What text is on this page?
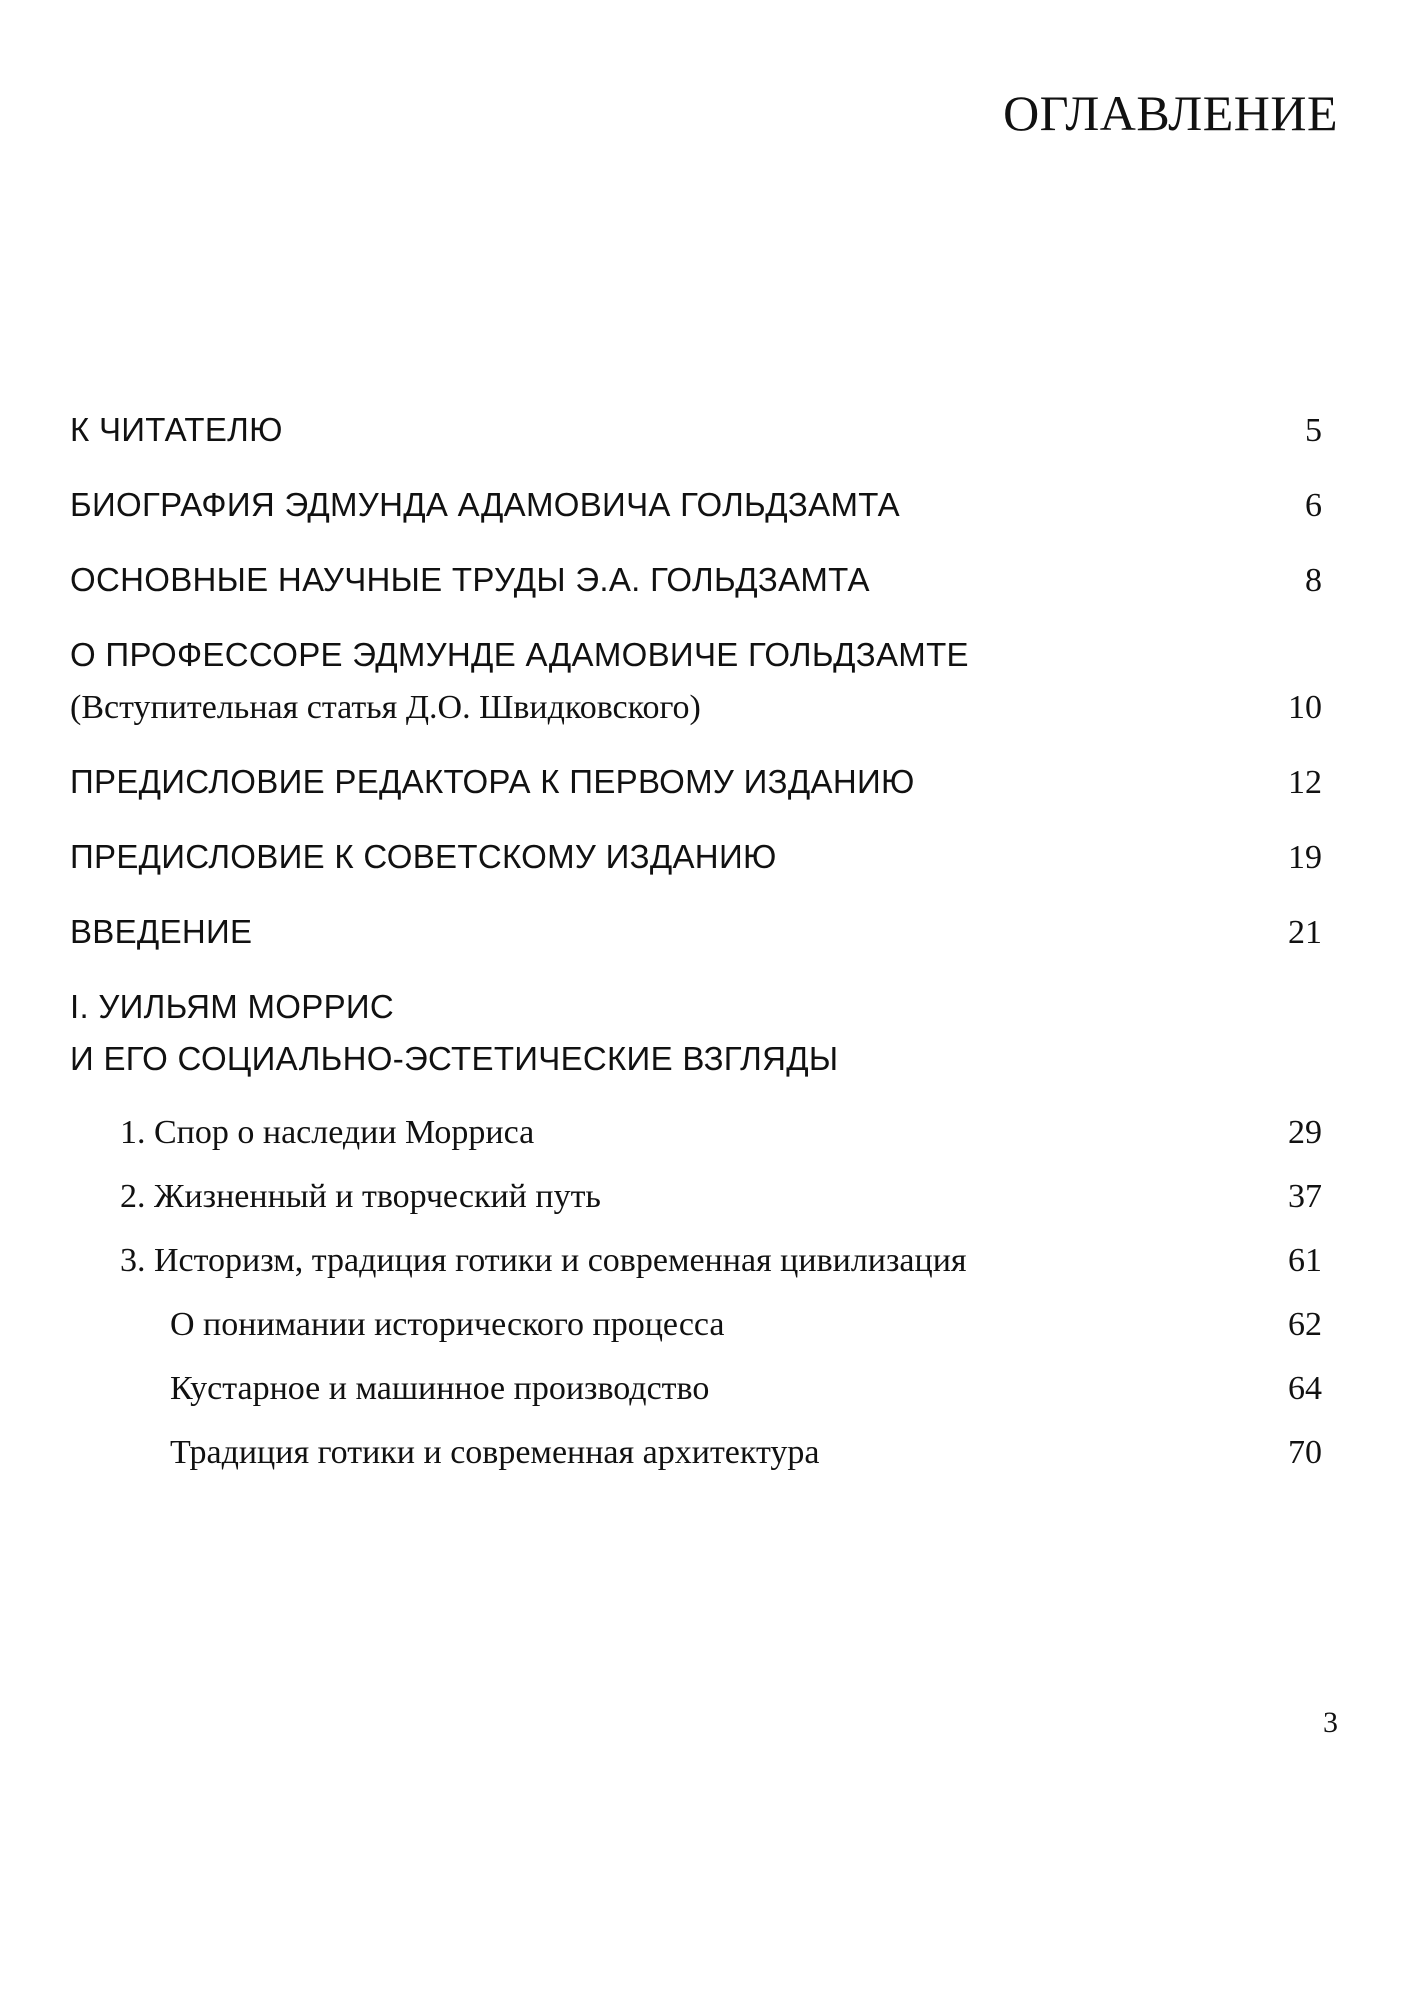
ОГЛАВЛЕНИЕ
К ЧИТАТЕЛЮ	5
БИОГРАФИЯ ЭДМУНДА АДАМОВИЧА ГОЛЬДЗАМТА	6
ОСНОВНЫЕ НАУЧНЫЕ ТРУДЫ Э.А. ГОЛЬДЗАМТА	8
О ПРОФЕССОРЕ ЭДМУНДЕ АДАМОВИЧЕ ГОЛЬДЗАМТЕ
(Вступительная статья Д.О. Швидковского)	10
ПРЕДИСЛОВИЕ РЕДАКТОРА К ПЕРВОМУ ИЗДАНИЮ	12
ПРЕДИСЛОВИЕ К СОВЕТСКОМУ ИЗДАНИЮ	19
ВВЕДЕНИЕ	21
I. УИЛЬЯМ МОРРИС
И ЕГО СОЦИАЛЬНО-ЭСТЕТИЧЕСКИЕ ВЗГЛЯДЫ
1. Спор о наследии Морриса	29
2. Жизненный и творческий путь	37
3. Историзм, традиция готики и современная цивилизация	61
О понимании исторического процесса	62
Кустарное и машинное производство	64
Традиция готики и современная архитектура	70
3
